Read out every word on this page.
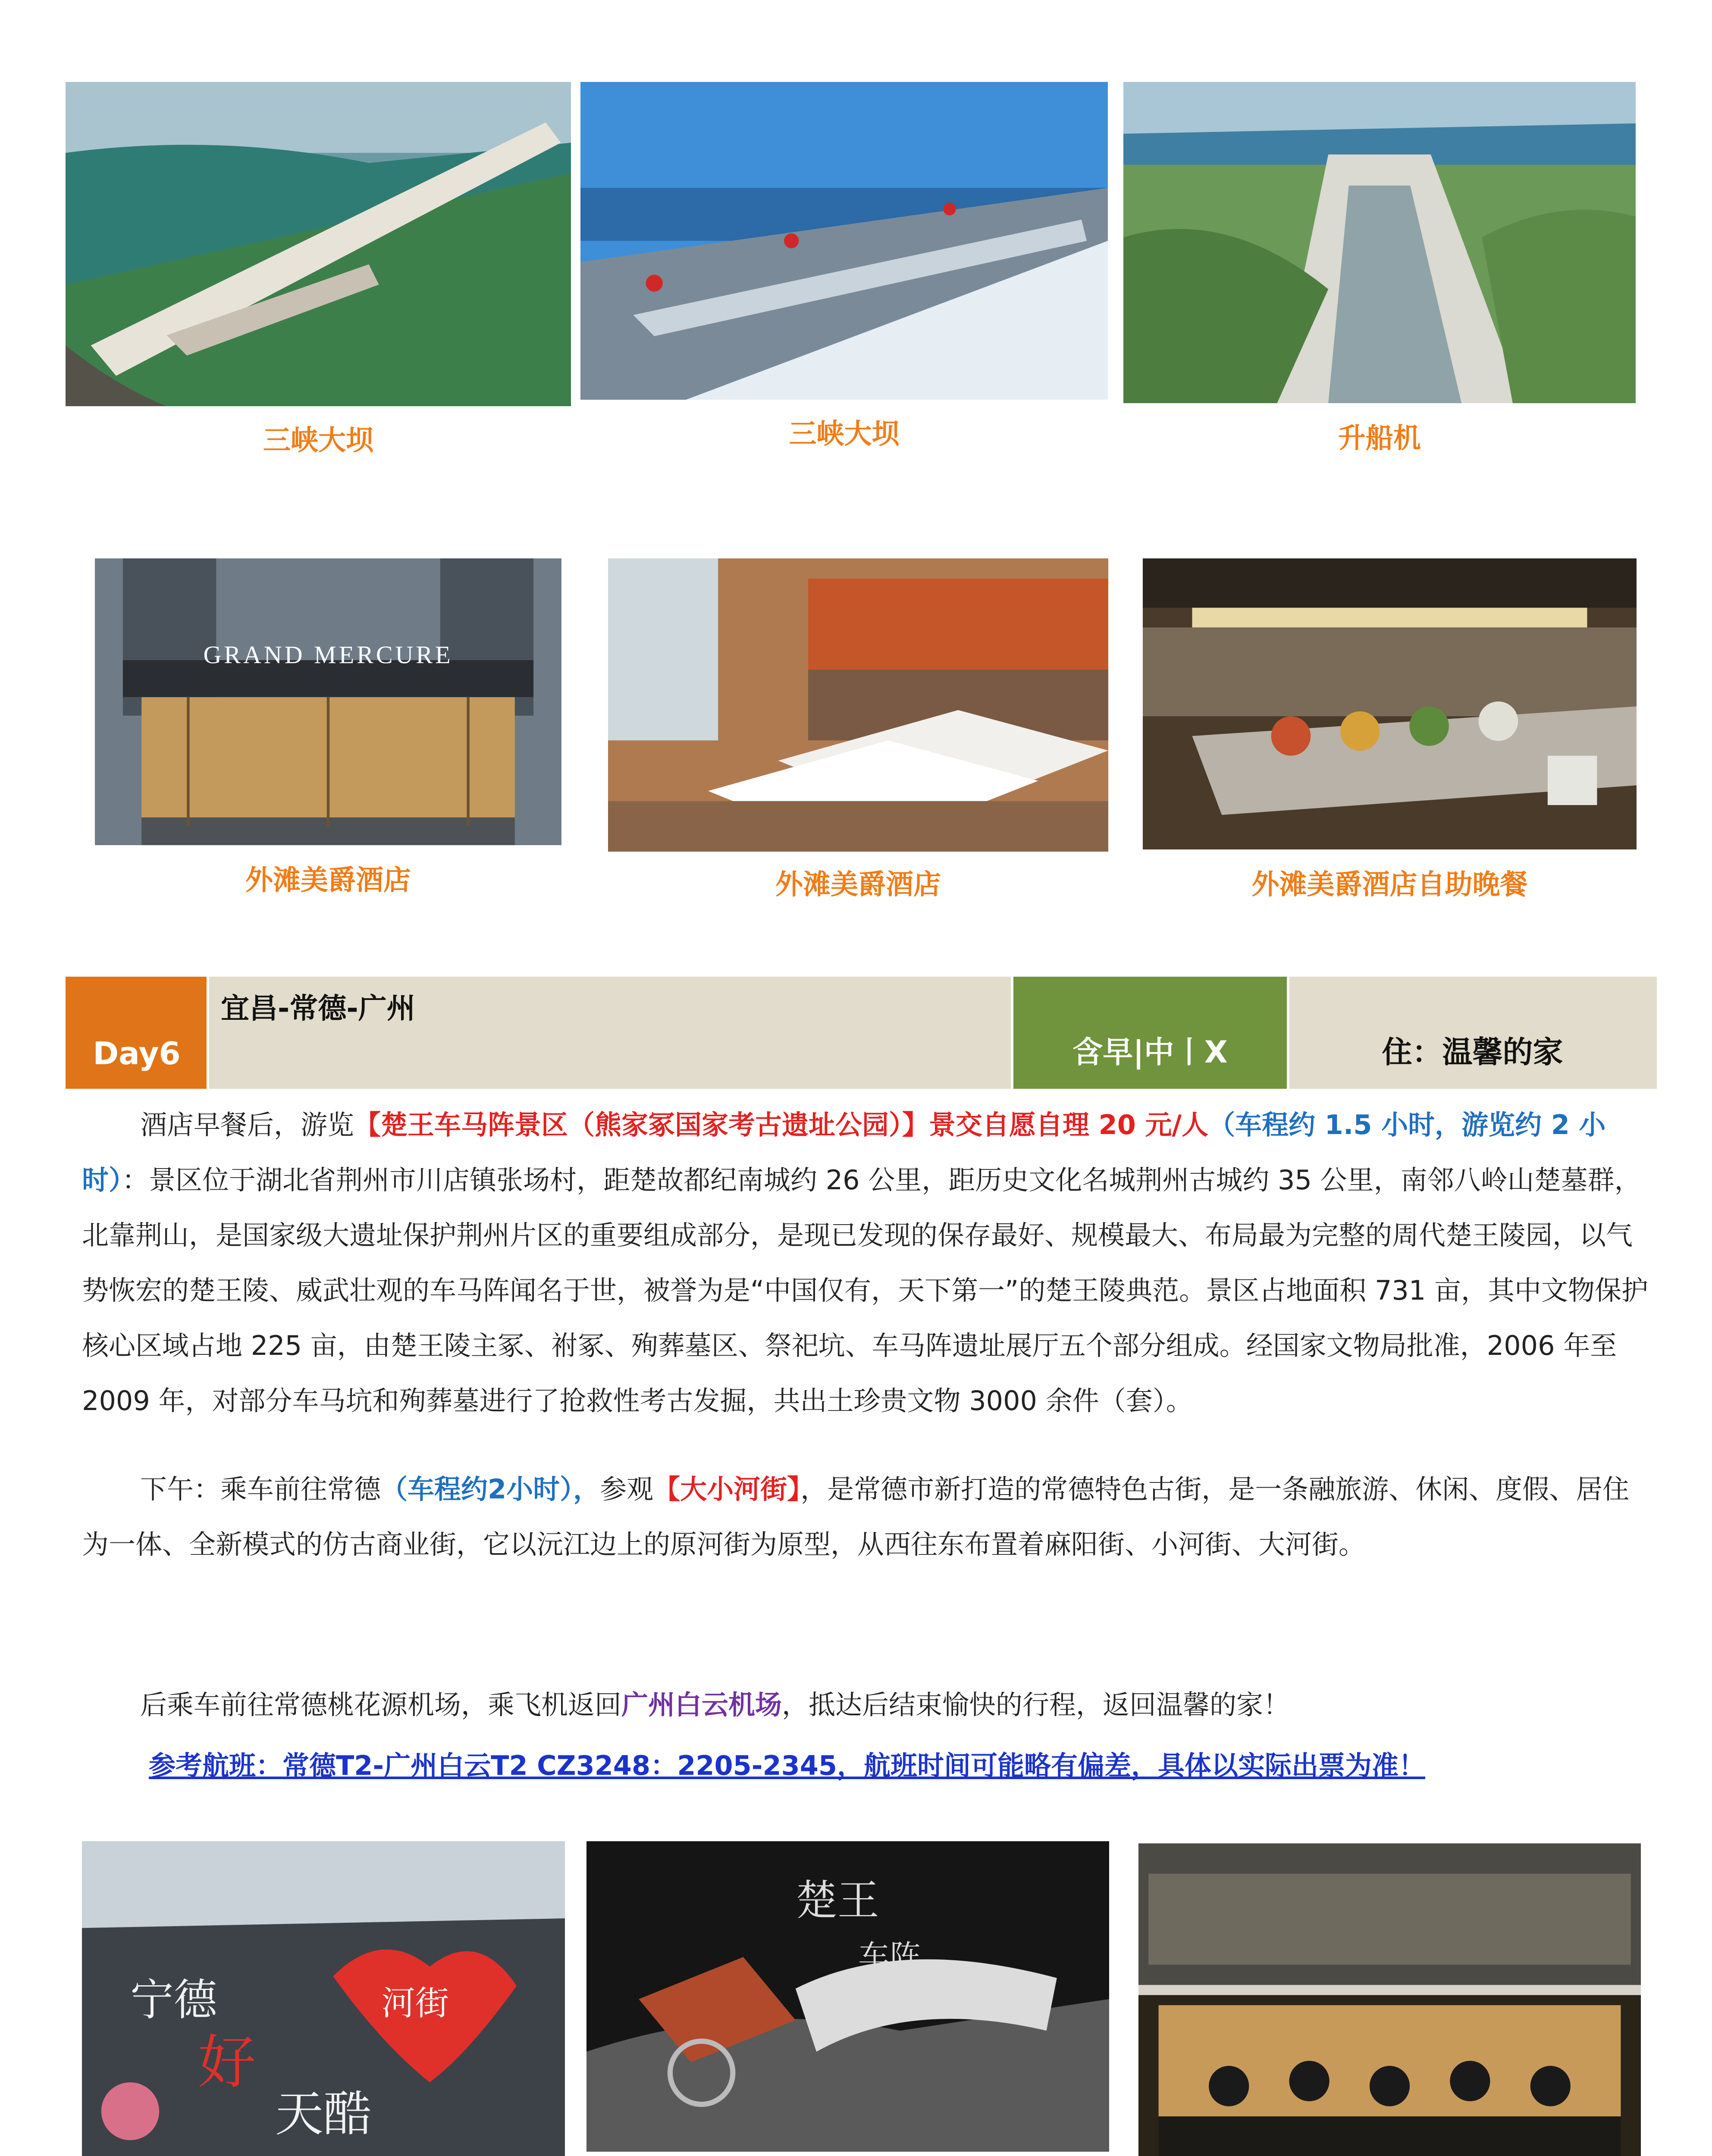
三峡大坝	三峡大坝	升船机
GRAND MERCURE
外滩美爵酒店	外滩美爵酒店	外滩美爵酒店自助晚餐
Day6
宜昌-常德-广州
含早|中丨X	住：温馨的家
酒店早餐后，游览【楚王车马阵景区（熊家冢国家考古遗址公园）】景交自愿自理 20 元/人（车程约 1.5 小时，游览约 2 小时）：景区位于湖北省荆州市川店镇张场村，距楚故都纪南城约 26 公里，距历史文化名城荆州古城约 35 公里，南邻八岭山楚墓群，北靠荆山，是国家级大遗址保护荆州片区的重要组成部分，是现已发现的保存最好、规模最大、布局最为完整的周代楚王陵园，以气势恢宏的楚王陵、威武壮观的车马阵闻名于世，被誉为是“中国仅有，天下第一”的楚王陵典范。景区占地面积 731 亩，其中文物保护核心区域占地 225 亩，由楚王陵主冢、祔冢、殉葬墓区、祭祀坑、车马阵遗址展厅五个部分组成。经国家文物局批准，2006 年至 2009 年，对部分车马坑和殉葬墓进行了抢救性考古发掘，共出土珍贵文物 3000 余件（套）。
下午：乘车前往常德（车程约2小时），参观【大小河街】，是常德市新打造的常德特色古街，是一条融旅游、休闲、度假、居住为一体、全新模式的仿古商业街，它以沅江边上的原河街为原型，从西往东布置着麻阳街、小河街、大河街。
后乘车前往常德桃花源机场，乘飞机返回广州白云机场，抵达后结束愉快的行程，返回温馨的家！
参考航班：常德T2-广州白云T2 CZ3248：2205-2345，航班时间可能略有偏差，具体以实际出票为准！
宁德
好
河街
天酷
楚王
车阵
